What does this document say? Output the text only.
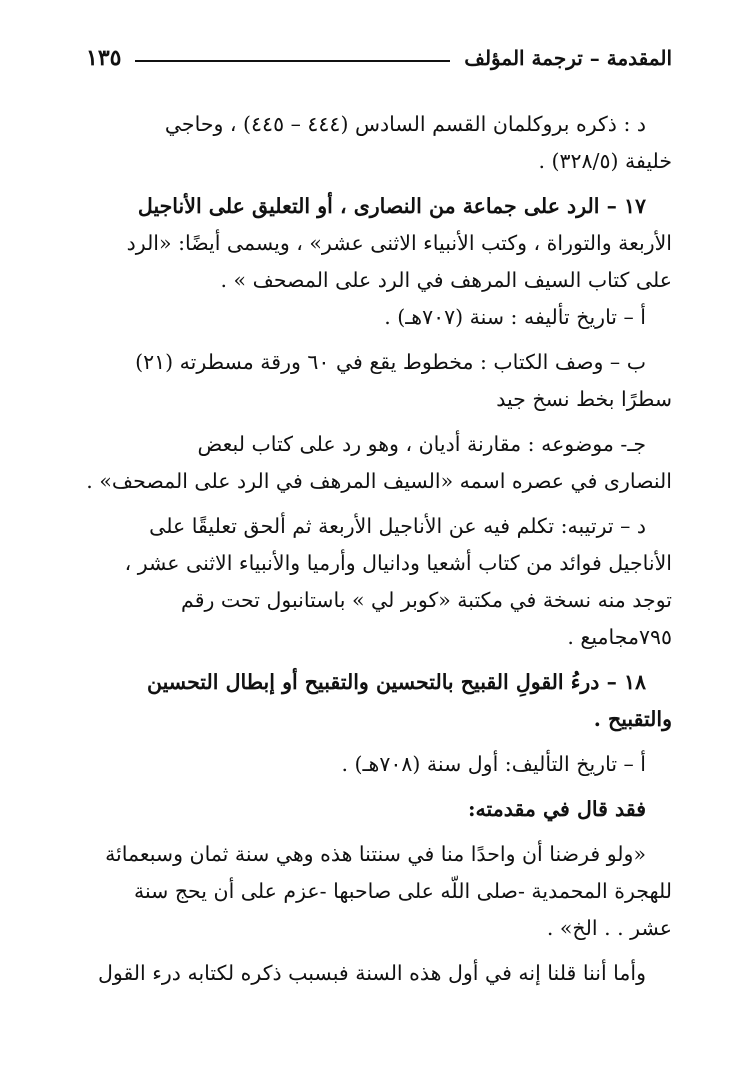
المقدمة – ترجمة المؤلف
١٣٥

د : ذكره بروكلمان القسم السادس (٤٤٤ – ٤٤٥) ، وحاجي

خليفة (٣٢٨/٥) .

١٧ – الرد على جماعة من النصارى ، أو التعليق على الأناجيل

الأربعة والتوراة ، وكتب الأنبياء الاثنى عشر» ، ويسمى أيضًا: «الرد

على كتاب السيف المرهف في الرد على المصحف » .

أ – تاريخ تأليفه : سنة (٧٠٧هـ) .

ب – وصف الكتاب : مخطوط يقع في ٦٠ ورقة مسطرته (٢١)

سطرًا بخط نسخ جيد

جـ- موضوعه : مقارنة أديان ، وهو رد على كتاب لبعض

النصارى في عصره اسمه «السيف المرهف في الرد على المصحف» .

د – ترتيبه: تكلم فيه عن الأناجيل الأربعة ثم ألحق تعليقًا على

الأناجيل فوائد من كتاب أشعيا ودانيال وأرميا والأنبياء الاثنى عشر ،

توجد منه نسخة في مكتبة «كوبر لي » باستانبول تحت رقم

٧٩٥مجاميع .

١٨ – درءُ القولِ القبيح بالتحسين والتقبيح أو إبطال التحسين

والتقبيح .

أ – تاريخ التأليف: أول سنة (٧٠٨هـ) .

فقد قال في مقدمته:

«ولو فرضنا أن واحدًا منا في سنتنا هذه وهي سنة ثمان وسبعمائة

للهجرة المحمدية -صلى اللّه على صاحبها -عزم على أن يحج سنة

عشر . . الخ» .

وأما أننا قلنا إنه في أول هذه السنة فبسبب ذكره لكتابه درء القول
